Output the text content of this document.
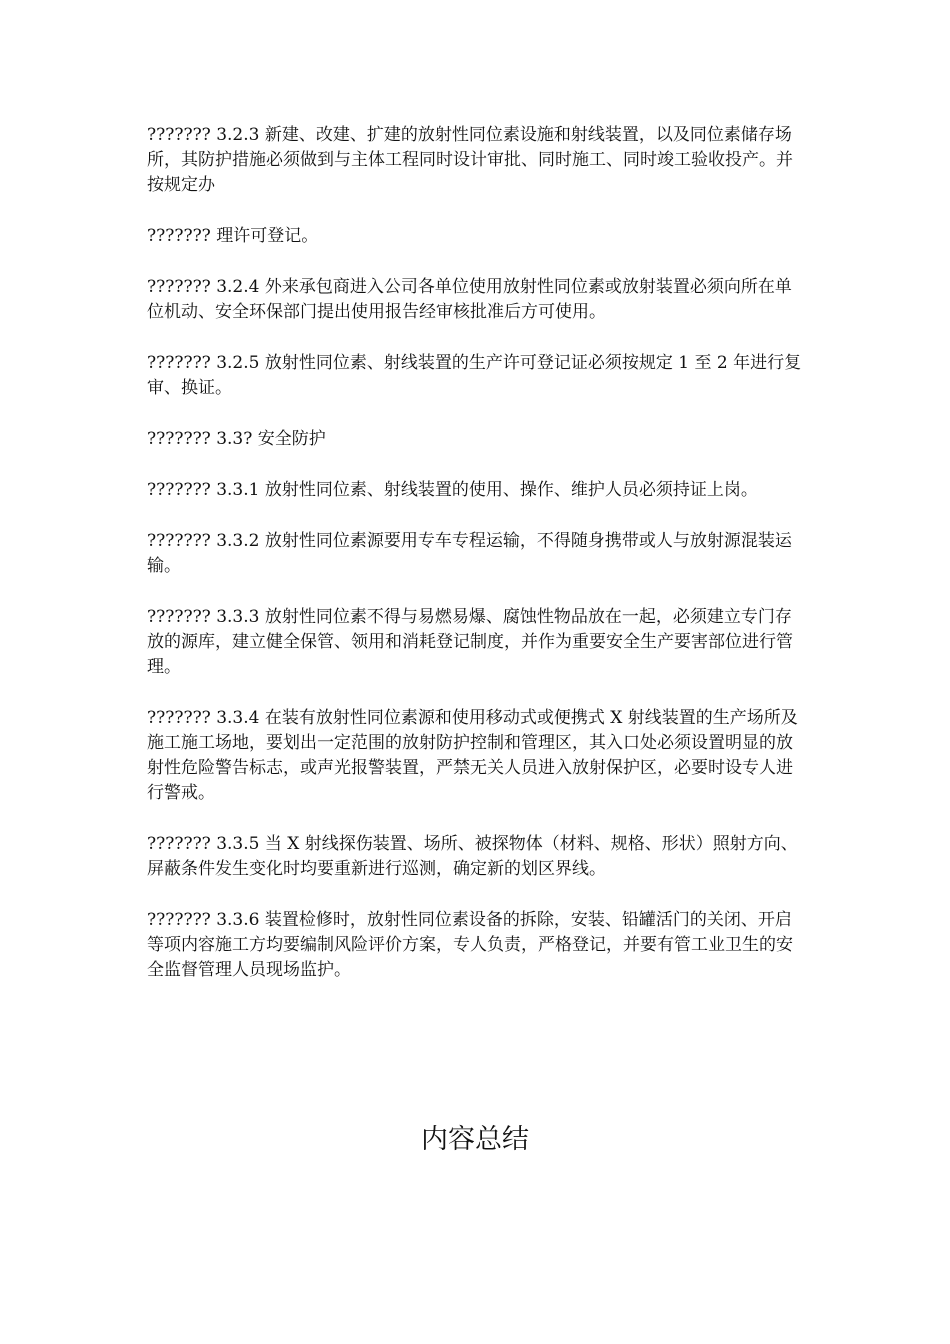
??????? 3.2.3 新建、改建、扩建的放射性同位素设施和射线装置，以及同位素储存场所，其防护措施必须做到与主体工程同时设计审批、同时施工、同时竣工验收投产。并按规定办

??????? 理许可登记。

??????? 3.2.4 外来承包商进入公司各单位使用放射性同位素或放射装置必须向所在单位机动、安全环保部门提出使用报告经审核批准后方可使用。

??????? 3.2.5 放射性同位素、射线装置的生产许可登记证必须按规定 1 至 2 年进行复审、换证。

??????? 3.3? 安全防护

??????? 3.3.1 放射性同位素、射线装置的使用、操作、维护人员必须持证上岗。

??????? 3.3.2 放射性同位素源要用专车专程运输，不得随身携带或人与放射源混装运输。

??????? 3.3.3 放射性同位素不得与易燃易爆、腐蚀性物品放在一起，必须建立专门存放的源库，建立健全保管、领用和消耗登记制度，并作为重要安全生产要害部位进行管理。

??????? 3.3.4 在装有放射性同位素源和使用移动式或便携式 X 射线装置的生产场所及施工施工场地，要划出一定范围的放射防护控制和管理区，其入口处必须设置明显的放射性危险警告标志，或声光报警装置，严禁无关人员进入放射保护区，必要时设专人进行警戒。

??????? 3.3.5 当 X 射线探伤装置、场所、被探物体（材料、规格、形状）照射方向、屏蔽条件发生变化时均要重新进行巡测，确定新的划区界线。

??????? 3.3.6 装置检修时，放射性同位素设备的拆除，安装、铅罐活门的关闭、开启等项内容施工方均要编制风险评价方案，专人负责，严格登记，并要有管工业卫生的安全监督管理人员现场监护。

内容总结
